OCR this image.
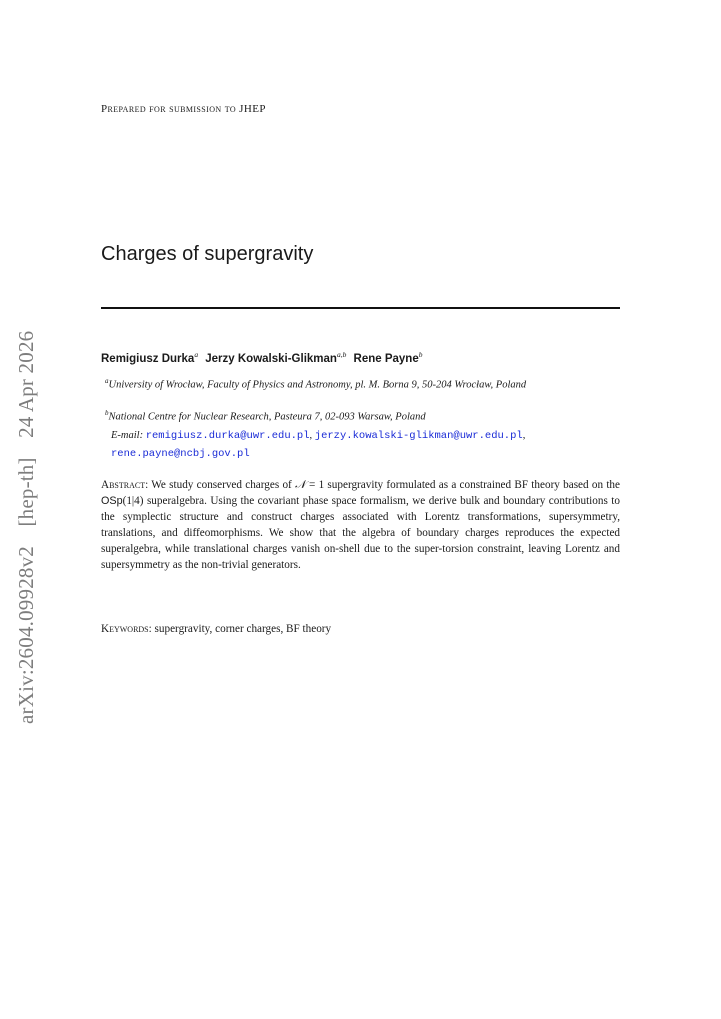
arXiv:2604.09928v2 [hep-th] 24 Apr 2026
Prepared for submission to JHEP
Charges of supergravity
Remigiusz Durka$^a$ Jerzy Kowalski-Glikman$^{a,b}$ Rene Payne$^b$
$^a$University of Wrocław, Faculty of Physics and Astronomy, pl. M. Borna 9, 50-204 Wrocław, Poland
$^b$National Centre for Nuclear Research, Pasteura 7, 02-093 Warsaw, Poland
E-mail: remigiusz.durka@uwr.edu.pl, jerzy.kowalski-glikman@uwr.edu.pl,
rene.payne@ncbj.gov.pl
Abstract: We study conserved charges of 𝒩 = 1 supergravity formulated as a constrained BF theory based on the OSp(1|4) superalgebra. Using the covariant phase space formalism, we derive bulk and boundary contributions to the symplectic structure and construct charges associated with Lorentz transformations, supersymmetry, translations, and diffeomorphisms. We show that the algebra of boundary charges reproduces the expected superalgebra, while translational charges vanish on-shell due to the super-torsion constraint, leaving Lorentz and supersymmetry as the non-trivial generators.
Keywords: supergravity, corner charges, BF theory
